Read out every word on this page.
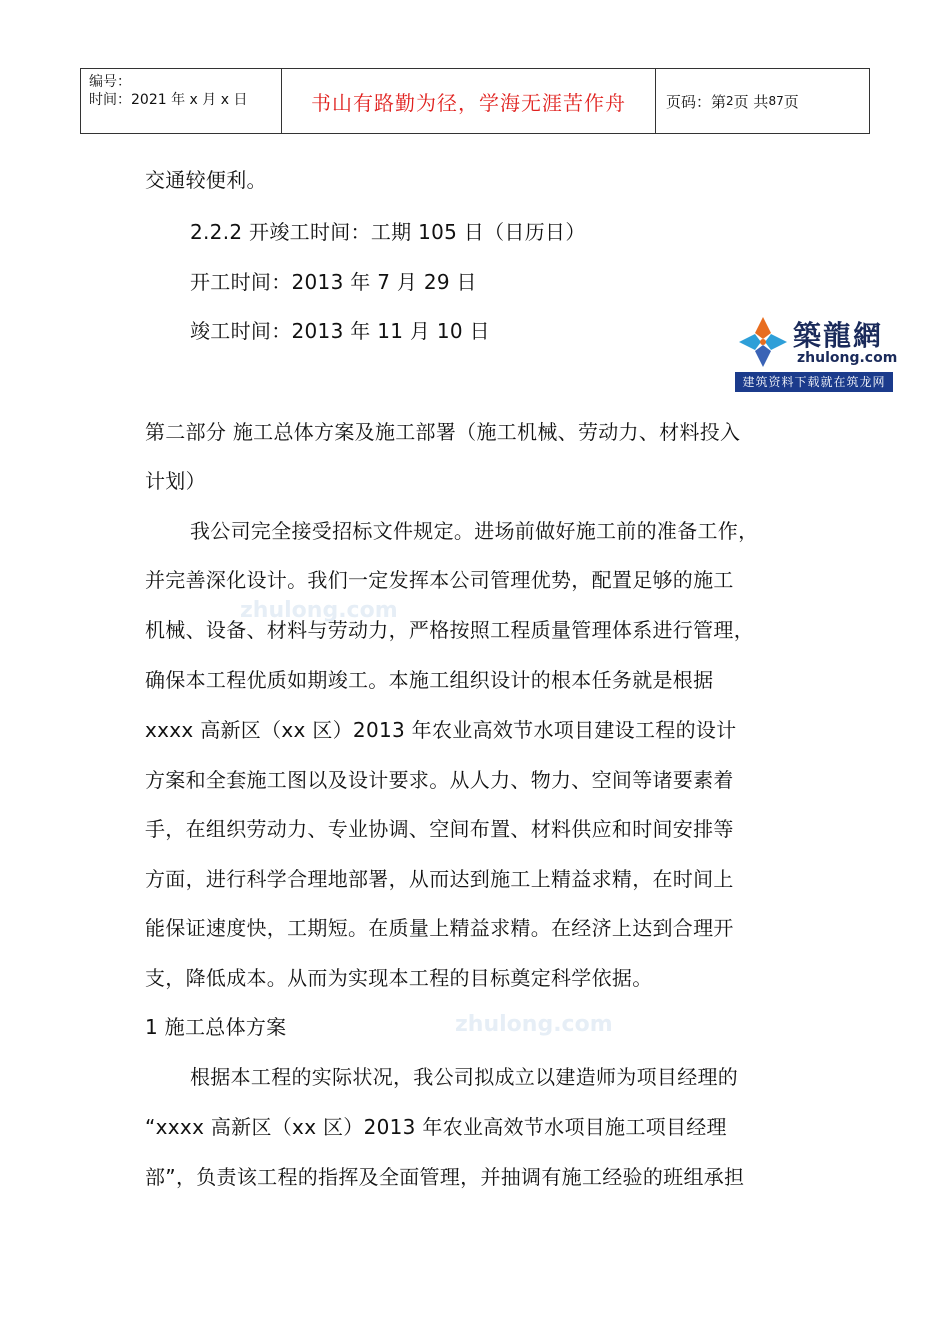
编号：
时间：2021 年 x 月 x 日	书山有路勤为径，学海无涯苦作舟	页码：第 2 页 共 87 页
zhulong.com
zhulong.com
築龍網
zhulong.com
建筑资料下载就在筑龙网
交通较便利。
2.2.2 开竣工时间：工期 105 日（日历日）
开工时间：2013 年 7 月 29 日
竣工时间：2013 年 11 月 10 日
第二部分 施工总体方案及施工部署（施工机械、劳动力、材料投入
计划）
我公司完全接受招标文件规定。进场前做好施工前的准备工作，
并完善深化设计。我们一定发挥本公司管理优势，配置足够的施工
机械、设备、材料与劳动力，严格按照工程质量管理体系进行管理，
确保本工程优质如期竣工。本施工组织设计的根本任务就是根据
xxxx 高新区（xx 区）2013 年农业高效节水项目建设工程的设计
方案和全套施工图以及设计要求。从人力、物力、空间等诸要素着
手，在组织劳动力、专业协调、空间布置、材料供应和时间安排等
方面，进行科学合理地部署，从而达到施工上精益求精，在时间上
能保证速度快，工期短。在质量上精益求精。在经济上达到合理开
支，降低成本。从而为实现本工程的目标奠定科学依据。
1 施工总体方案
根据本工程的实际状况，我公司拟成立以建造师为项目经理的
“xxxx 高新区（xx 区）2013 年农业高效节水项目施工项目经理
部”，负责该工程的指挥及全面管理，并抽调有施工经验的班组承担
